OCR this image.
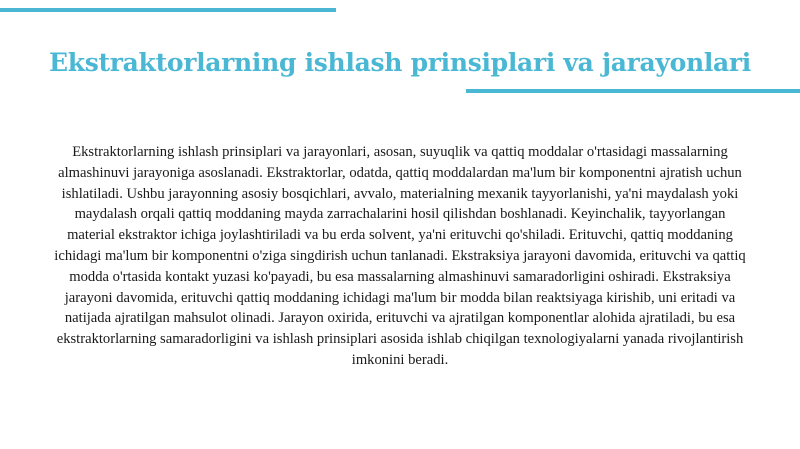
Ekstraktorlarning ishlash prinsiplari va jarayonlari

Ekstraktorlarning ishlash prinsiplari va jarayonlari, asosan, suyuqlik va qattiq moddalar o'rtasidagi massalarning almashinuvi jarayoniga asoslanadi. Ekstraktorlar, odatda, qattiq moddalardan ma'lum bir komponentni ajratish uchun ishlatiladi. Ushbu jarayonning asosiy bosqichlari, avvalo, materialning mexanik tayyorlanishi, ya'ni maydalash yoki maydalash orqali qattiq moddaning mayda zarrachalarini hosil qilishdan boshlanadi. Keyinchalik, tayyorlangan material ekstraktor ichiga joylashtiriladi va bu erda solvent, ya'ni erituvchi qo'shiladi. Erituvchi, qattiq moddaning ichidagi ma'lum bir komponentni o'ziga singdirish uchun tanlanadi. Ekstraksiya jarayoni davomida, erituvchi va qattiq modda o'rtasida kontakt yuzasi ko'payadi, bu esa massalarning almashinuvi samaradorligini oshiradi. Ekstraksiya jarayoni davomida, erituvchi qattiq moddaning ichidagi ma'lum bir modda bilan reaktsiyaga kirishib, uni eritadi va natijada ajratilgan mahsulot olinadi. Jarayon oxirida, erituvchi va ajratilgan komponentlar alohida ajratiladi, bu esa ekstraktorlarning samaradorligini va ishlash prinsiplari asosida ishlab chiqilgan texnologiyalarni yanada rivojlantirish imkonini beradi.
